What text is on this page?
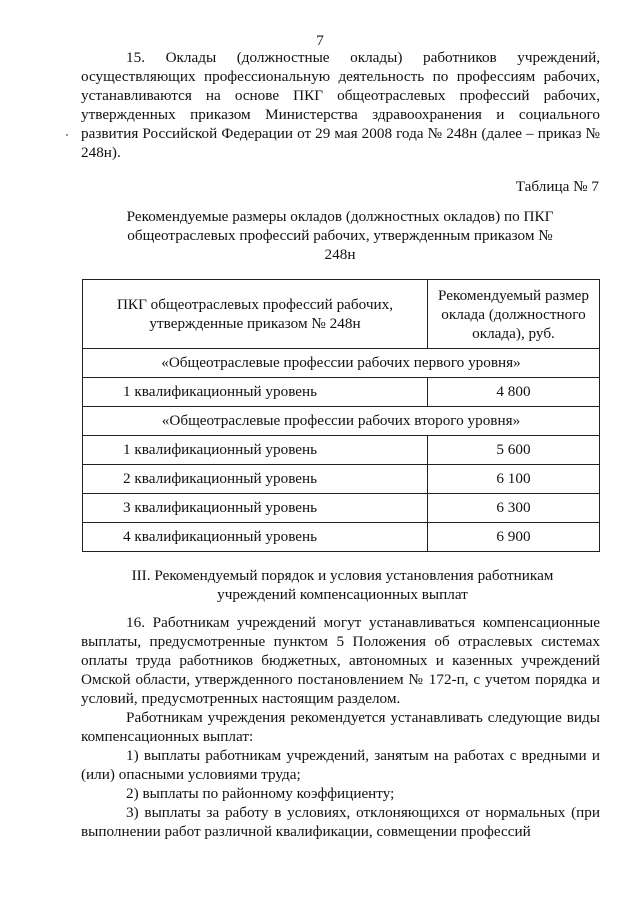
7

15. Оклады (должностные оклады) работников учреждений, осуществляющих профессиональную деятельность по профессиям рабочих, устанавливаются на основе ПКГ общеотраслевых профессий рабочих, утвержденных приказом Министерства здравоохранения и социального развития Российской Федерации от 29 мая 2008 года № 248н (далее – приказ № 248н).

Таблица № 7
Рекомендуемые размеры окладов (должностных окладов) по ПКГ общеотраслевых профессий рабочих, утвержденным приказом № 248н
ПКГ общеотраслевых профессий рабочих, утвержденные приказом № 248н	Рекомендуемый размер оклада (должностного оклада), руб.
«Общеотраслевые профессии рабочих первого уровня»	
1 квалификационный уровень	4 800
«Общеотраслевые профессии рабочих второго уровня»	
1 квалификационный уровень	5 600
2 квалификационный уровень	6 100
3 квалификационный уровень	6 300
4 квалификационный уровень	6 900
III. Рекомендуемый порядок и условия установления работникам учреждений компенсационных выплат

16. Работникам учреждений могут устанавливаться компенсационные выплаты, предусмотренные пунктом 5 Положения об отраслевых системах оплаты труда работников бюджетных, автономных и казенных учреждений Омской области, утвержденного постановлением № 172-п, с учетом порядка и условий, предусмотренных настоящим разделом.

Работникам учреждения рекомендуется устанавливать следующие виды компенсационных выплат:

1) выплаты работникам учреждений, занятым на работах с вредными и (или) опасными условиями труда;

2) выплаты по районному коэффициенту;

3) выплаты за работу в условиях, отклоняющихся от нормальных (при выполнении работ различной квалификации, совмещении профессий
